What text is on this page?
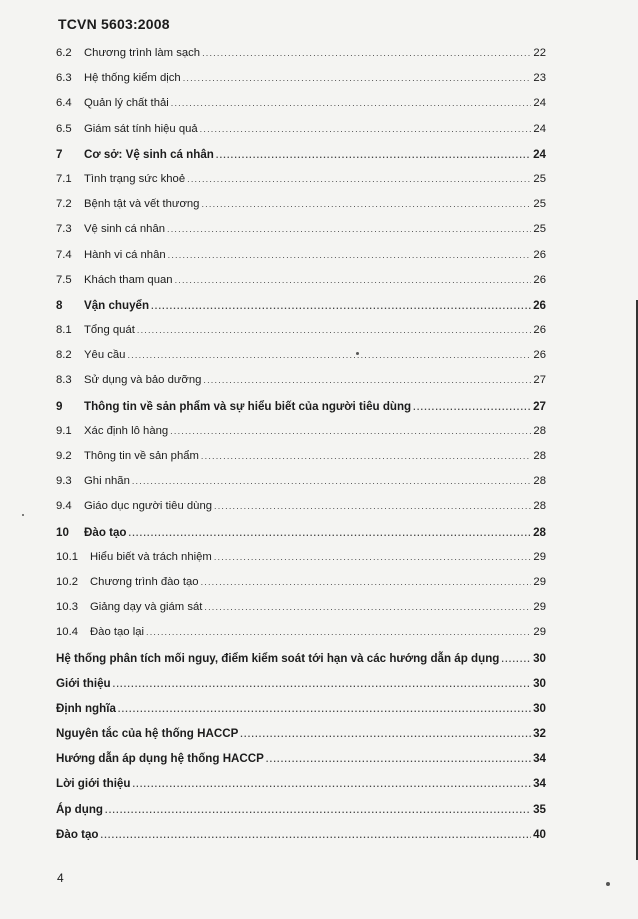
TCVN 5603:2008
6.2	Chương trình làm sạch .....	22
6.3	Hệ thống kiểm dịch .....	23
6.4	Quản lý chất thải .....	24
6.5	Giám sát tính hiệu quả .....	24
7	Cơ sở: Vệ sinh cá nhân .....	24
7.1	Tình trạng sức khoẻ .....	25
7.2	Bệnh tật và vết thương .....	25
7.3	Vệ sinh cá nhân .....	25
7.4	Hành vi cá nhân .....	26
7.5	Khách tham quan .....	26
8	Vận chuyển .....	26
8.1	Tổng quát .....	26
8.2	Yêu cầu .....	26
8.3	Sử dụng và bảo dưỡng .....	27
9	Thông tin về sản phẩm và sự hiểu biết của người tiêu dùng .....	27
9.1	Xác định lô hàng .....	28
9.2	Thông tin về sản phẩm .....	28
9.3	Ghi nhãn .....	28
9.4	Giáo dục người tiêu dùng .....	28
10	Đào tạo .....	28
10.1	Hiểu biết và trách nhiệm .....	29
10.2	Chương trình đào tạo .....	29
10.3	Giảng dạy và giám sát .....	29
10.4	Đào tạo lại .....	29
Hệ thống phân tích mối nguy, điểm kiểm soát tới hạn và các hướng dẫn áp dụng .....	30
Giới thiệu .....	30
Định nghĩa .....	30
Nguyên tắc của hệ thống HACCP .....	32
Hướng dẫn áp dụng hệ thống HACCP .....	34
Lời giới thiệu .....	34
Áp dụng .....	35
Đào tạo .....	40
4
